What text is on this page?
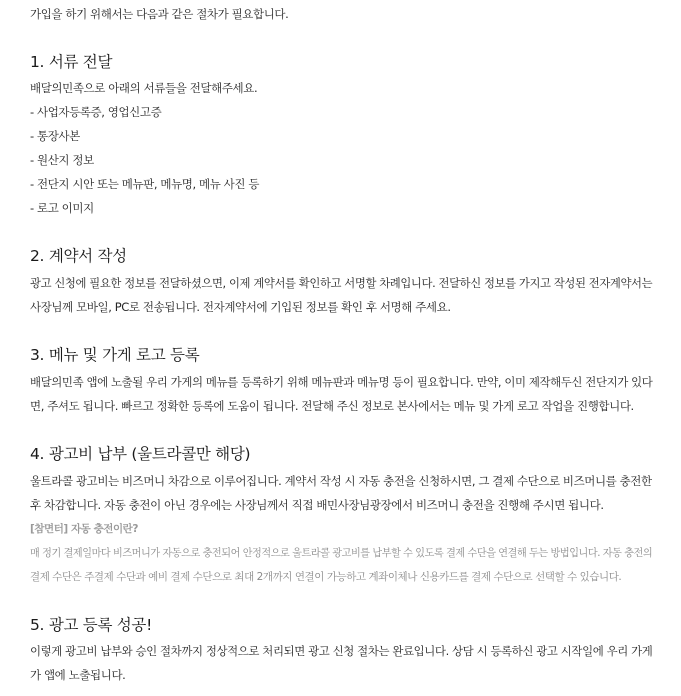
가입을 하기 위해서는 다음과 같은 절차가 필요합니다.
1. 서류 전달
배달의민족으로 아래의 서류들을 전달해주세요.
- 사업자등록증, 영업신고증
- 통장사본
- 원산지 정보
- 전단지 시안 또는 메뉴판, 메뉴명, 메뉴 사진 등
- 로고 이미지
2. 계약서 작성
광고 신청에 필요한 정보를 전달하셨으면, 이제 계약서를 확인하고 서명할 차례입니다. 전달하신 정보를 가지고 작성된 전자계약서는
사장님께 모바일, PC로 전송됩니다. 전자계약서에 기입된 정보를 확인 후 서명해 주세요.
3. 메뉴 및 가게 로고 등록
배달의민족 앱에 노출될 우리 가게의 메뉴를 등록하기 위해 메뉴판과 메뉴명 등이 필요합니다. 만약, 이미 제작해두신 전단지가 있다
면, 주셔도 됩니다. 빠르고 정확한 등록에 도움이 됩니다. 전달해 주신 정보로 본사에서는 메뉴 및 가게 로고 작업을 진행합니다.
4. 광고비 납부 (울트라콜만 해당)
울트라콜 광고비는 비즈머니 차감으로 이루어집니다. 계약서 작성 시 자동 충전을 신청하시면, 그 결제 수단으로 비즈머니를 충전한
후 차감합니다. 자동 충전이 아닌 경우에는 사장님께서 직접 배민사장님광장에서 비즈머니 충전을 진행해 주시면 됩니다.
[참면터] 자동 충전이란?
매 정기 결제일마다 비즈머니가 자동으로 충전되어 안정적으로 울트라콜 광고비를 납부할 수 있도록 결제 수단을 연결해 두는 방법입니다. 자동 충전의
결제 수단은 주결제 수단과 예비 결제 수단으로 최대 2개까지 연결이 가능하고 계좌이체나 신용카드를 결제 수단으로 선택할 수 있습니다.
5. 광고 등록 성공!
이렇게 광고비 납부와 승인 절차까지 정상적으로 처리되면 광고 신청 절차는 완료입니다. 상담 시 등록하신 광고 시작일에 우리 가게
가 앱에 노출됩니다.
